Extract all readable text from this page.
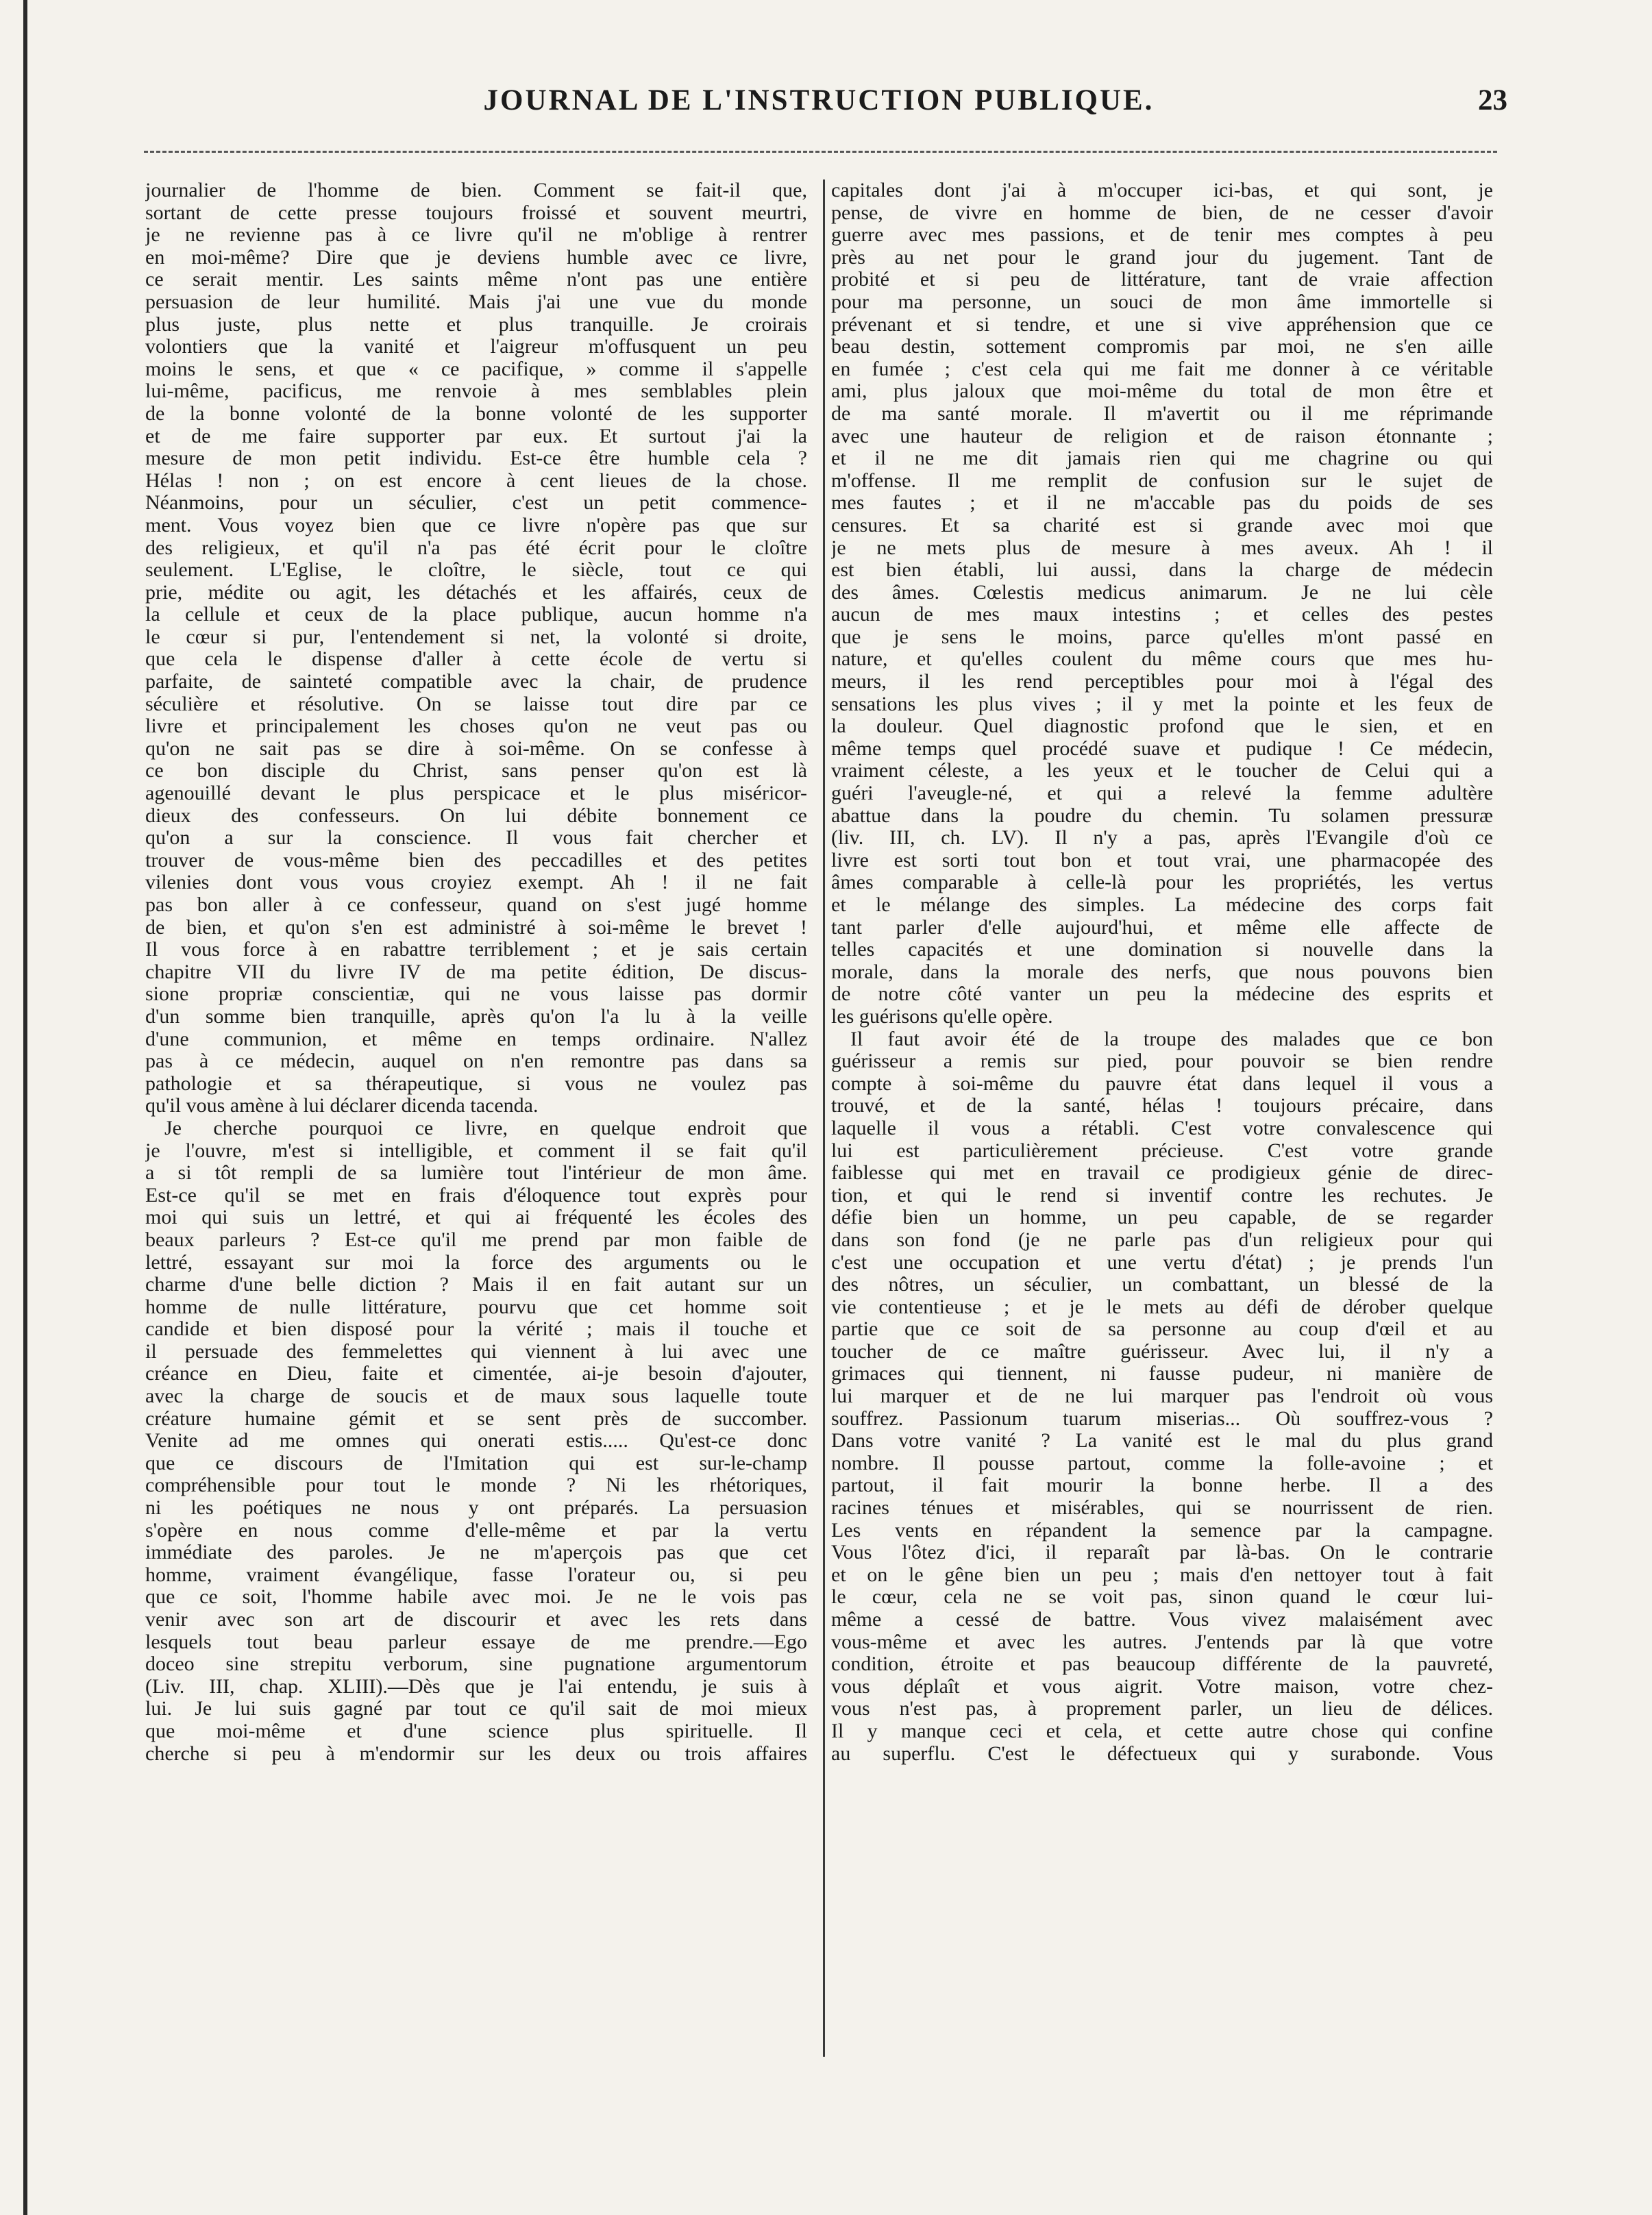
JOURNAL DE L'INSTRUCTION PUBLIQUE.	23
journalier de l'homme de bien. Comment se fait-il que,
sortant de cette presse toujours froissé et souvent meurtri,
je ne revienne pas à ce livre qu'il ne m'oblige à rentrer
en moi-même? Dire que je deviens humble avec ce livre,
ce serait mentir. Les saints même n'ont pas une entière
persuasion de leur humilité. Mais j'ai une vue du monde
plus juste, plus nette et plus tranquille. Je croirais
volontiers que la vanité et l'aigreur m'offusquent un peu
moins le sens, et que « ce pacifique, » comme il s'appelle
lui-même, pacificus, me renvoie à mes semblables plein
de la bonne volonté de la bonne volonté de les supporter
et de me faire supporter par eux. Et surtout j'ai la
mesure de mon petit individu. Est-ce être humble cela ?
Hélas ! non ; on est encore à cent lieues de la chose.
Néanmoins, pour un séculier, c'est un petit commence-
ment. Vous voyez bien que ce livre n'opère pas que sur
des religieux, et qu'il n'a pas été écrit pour le cloître
seulement. L'Eglise, le cloître, le siècle, tout ce qui
prie, médite ou agit, les détachés et les affairés, ceux de
la cellule et ceux de la place publique, aucun homme n'a
le cœur si pur, l'entendement si net, la volonté si droite,
que cela le dispense d'aller à cette école de vertu si
parfaite, de sainteté compatible avec la chair, de prudence
séculière et résolutive. On se laisse tout dire par ce
livre et principalement les choses qu'on ne veut pas ou
qu'on ne sait pas se dire à soi-même. On se confesse à
ce bon disciple du Christ, sans penser qu'on est là
agenouillé devant le plus perspicace et le plus miséricor-
dieux des confesseurs. On lui débite bonnement ce
qu'on a sur la conscience. Il vous fait chercher et
trouver de vous-même bien des peccadilles et des petites
vilenies dont vous vous croyiez exempt. Ah ! il ne fait
pas bon aller à ce confesseur, quand on s'est jugé homme
de bien, et qu'on s'en est administré à soi-même le brevet !
Il vous force à en rabattre terriblement ; et je sais certain
chapitre VII du livre IV de ma petite édition, De discus-
sione propriæ conscientiæ, qui ne vous laisse pas dormir
d'un somme bien tranquille, après qu'on l'a lu à la veille
d'une communion, et même en temps ordinaire. N'allez
pas à ce médecin, auquel on n'en remontre pas dans sa
pathologie et sa thérapeutique, si vous ne voulez pas
qu'il vous amène à lui déclarer dicenda tacenda.
Je cherche pourquoi ce livre, en quelque endroit que
je l'ouvre, m'est si intelligible, et comment il se fait qu'il
a si tôt rempli de sa lumière tout l'intérieur de mon âme.
Est-ce qu'il se met en frais d'éloquence tout exprès pour
moi qui suis un lettré, et qui ai fréquenté les écoles des
beaux parleurs ? Est-ce qu'il me prend par mon faible de
lettré, essayant sur moi la force des arguments ou le
charme d'une belle diction ? Mais il en fait autant sur un
homme de nulle littérature, pourvu que cet homme soit
candide et bien disposé pour la vérité ; mais il touche et
il persuade des femmelettes qui viennent à lui avec une
créance en Dieu, faite et cimentée, ai-je besoin d'ajouter,
avec la charge de soucis et de maux sous laquelle toute
créature humaine gémit et se sent près de succomber.
Venite ad me omnes qui onerati estis..... Qu'est-ce donc
que ce discours de l'Imitation qui est sur-le-champ
compréhensible pour tout le monde ? Ni les rhétoriques,
ni les poétiques ne nous y ont préparés. La persuasion
s'opère en nous comme d'elle-même et par la vertu
immédiate des paroles. Je ne m'aperçois pas que cet
homme, vraiment évangélique, fasse l'orateur ou, si peu
que ce soit, l'homme habile avec moi. Je ne le vois pas
venir avec son art de discourir et avec les rets dans
lesquels tout beau parleur essaye de me prendre.—Ego
doceo sine strepitu verborum, sine pugnatione argumentorum
(Liv. III, chap. XLIII).—Dès que je l'ai entendu, je suis à
lui. Je lui suis gagné par tout ce qu'il sait de moi mieux
que moi-même et d'une science plus spirituelle. Il
cherche si peu à m'endormir sur les deux ou trois affaires
capitales dont j'ai à m'occuper ici-bas, et qui sont, je
pense, de vivre en homme de bien, de ne cesser d'avoir
guerre avec mes passions, et de tenir mes comptes à peu
près au net pour le grand jour du jugement. Tant de
probité et si peu de littérature, tant de vraie affection
pour ma personne, un souci de mon âme immortelle si
prévenant et si tendre, et une si vive appréhension que ce
beau destin, sottement compromis par moi, ne s'en aille
en fumée ; c'est cela qui me fait me donner à ce véritable
ami, plus jaloux que moi-même du total de mon être et
de ma santé morale. Il m'avertit ou il me réprimande
avec une hauteur de religion et de raison étonnante ;
et il ne me dit jamais rien qui me chagrine ou qui
m'offense. Il me remplit de confusion sur le sujet de
mes fautes ; et il ne m'accable pas du poids de ses
censures. Et sa charité est si grande avec moi que
je ne mets plus de mesure à mes aveux. Ah ! il
est bien établi, lui aussi, dans la charge de médecin
des âmes. Cœlestis medicus animarum. Je ne lui cèle
aucun de mes maux intestins ; et celles des pestes
que je sens le moins, parce qu'elles m'ont passé en
nature, et qu'elles coulent du même cours que mes hu-
meurs, il les rend perceptibles pour moi à l'égal des
sensations les plus vives ; il y met la pointe et les feux de
la douleur. Quel diagnostic profond que le sien, et en
même temps quel procédé suave et pudique ! Ce médecin,
vraiment céleste, a les yeux et le toucher de Celui qui a
guéri l'aveugle-né, et qui a relevé la femme adultère
abattue dans la poudre du chemin. Tu solamen pressuræ
(liv. III, ch. LV). Il n'y a pas, après l'Evangile d'où ce
livre est sorti tout bon et tout vrai, une pharmacopée des
âmes comparable à celle-là pour les propriétés, les vertus
et le mélange des simples. La médecine des corps fait
tant parler d'elle aujourd'hui, et même elle affecte de
telles capacités et une domination si nouvelle dans la
morale, dans la morale des nerfs, que nous pouvons bien
de notre côté vanter un peu la médecine des esprits et
les guérisons qu'elle opère.
Il faut avoir été de la troupe des malades que ce bon
guérisseur a remis sur pied, pour pouvoir se bien rendre
compte à soi-même du pauvre état dans lequel il vous a
trouvé, et de la santé, hélas ! toujours précaire, dans
laquelle il vous a rétabli. C'est votre convalescence qui
lui est particulièrement précieuse. C'est votre grande
faiblesse qui met en travail ce prodigieux génie de direc-
tion, et qui le rend si inventif contre les rechutes. Je
défie bien un homme, un peu capable, de se regarder
dans son fond (je ne parle pas d'un religieux pour qui
c'est une occupation et une vertu d'état) ; je prends l'un
des nôtres, un séculier, un combattant, un blessé de la
vie contentieuse ; et je le mets au défi de dérober quelque
partie que ce soit de sa personne au coup d'œil et au
toucher de ce maître guérisseur. Avec lui, il n'y a
grimaces qui tiennent, ni fausse pudeur, ni manière de
lui marquer et de ne lui marquer pas l'endroit où vous
souffrez. Passionum tuarum miserias... Où souffrez-vous ?
Dans votre vanité ? La vanité est le mal du plus grand
nombre. Il pousse partout, comme la folle-avoine ; et
partout, il fait mourir la bonne herbe. Il a des
racines ténues et misérables, qui se nourrissent de rien.
Les vents en répandent la semence par la campagne.
Vous l'ôtez d'ici, il reparaît par là-bas. On le contrarie
et on le gêne bien un peu ; mais d'en nettoyer tout à fait
le cœur, cela ne se voit pas, sinon quand le cœur lui-
même a cessé de battre. Vous vivez malaisément avec
vous-même et avec les autres. J'entends par là que votre
condition, étroite et pas beaucoup différente de la pauvreté,
vous déplaît et vous aigrit. Votre maison, votre chez-
vous n'est pas, à proprement parler, un lieu de délices.
Il y manque ceci et cela, et cette autre chose qui confine
au superflu. C'est le défectueux qui y surabonde. Vous
